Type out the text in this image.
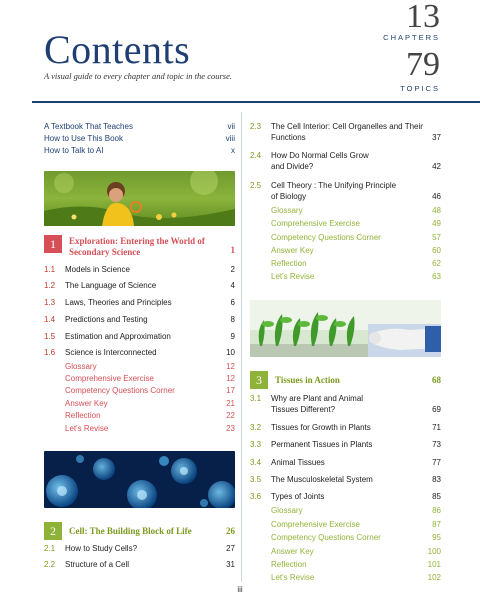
Contents
A visual guide to every chapter and topic in the course.
13
CHAPTERS
79
TOPICS
A Textbook That Teaches	vii
How to Use This Book	viii
How to Talk to AI	x
1	Exploration: Entering the World of
Secondary Science	1
1.1 Models in Science	2
1.2 The Language of Science	4
1.3 Laws, Theories and Principles	6
1.4 Predictions and Testing	8
1.5 Estimation and Approximation	9
1.6 Science is Interconnected	10
Glossary	12
Comprehensive Exercise	12
Competency Questions Corner	17
Answer Key	21
Reflection	22
Let's Revise	23
2	Cell: The Building Block of Life	26
2.1 How to Study Cells?	27
2.2 Structure of a Cell	31
2.3 The Cell Interior: Cell Organelles and Their
Functions	37
2.4 How Do Normal Cells Grow
and Divide?	42
2.5 Cell Theory : The Unifying Principle
of Biology	46
Glossary	48
Comprehensive Exercise	49
Competency Questions Corner	57
Answer Key	60
Reflection	62
Let's Revise	63
3	Tissues in Action	68
3.1 Why are Plant and Animal
Tissues Different?	69
3.2 Tissues for Growth in Plants	71
3.3 Permanent Tissues in Plants	73
3.4 Animal Tissues	77
3.5 The Musculoskeletal System	83
3.6 Types of Joints	85
Glossary	86
Comprehensive Exercise	87
Competency Questions Corner	95
Answer Key	100
Reflection	101
Let's Revise	102
iii
